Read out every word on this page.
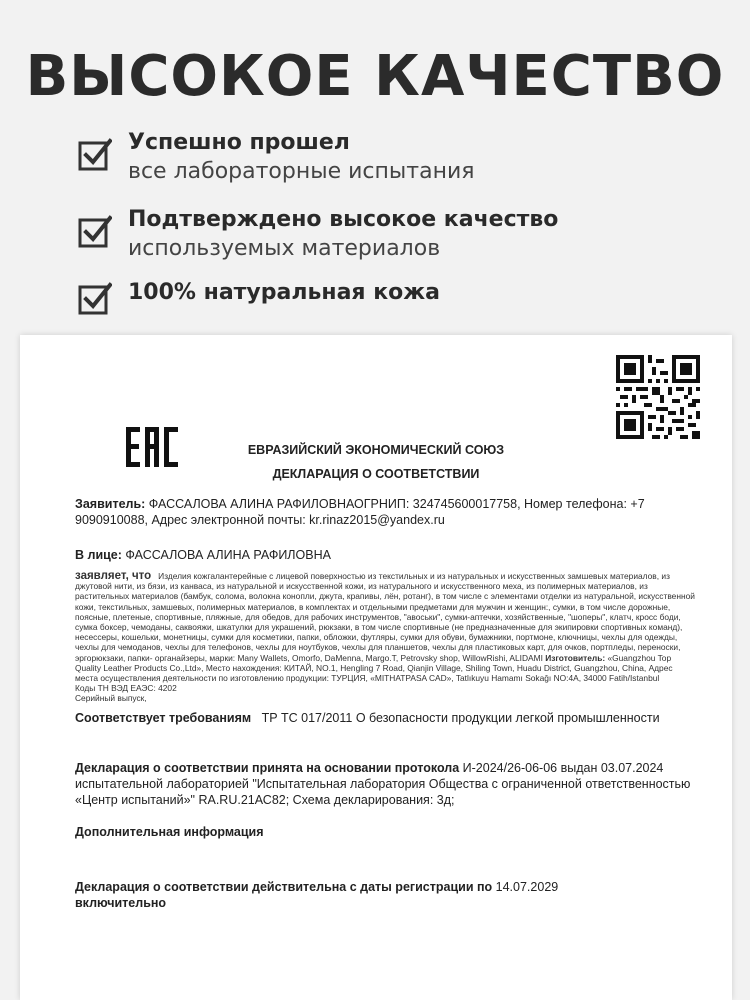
ВЫСОКОЕ КАЧЕСТВО
Успешно прошел
все лабораторные испытания
Подтверждено высокое качество
используемых материалов
100% натуральная кожа
ЕВРАЗИЙСКИЙ ЭКОНОМИЧЕСКИЙ СОЮЗ
ДЕКЛАРАЦИЯ О СООТВЕТСТВИИ
Заявитель: ФАССАЛОВА АЛИНА РАФИЛОВНАОГРНИП: 324745600017758, Номер телефона: +7 9090910088, Адрес электронной почты: kr.rinaz2015@yandex.ru
В лице: ФАССАЛОВА АЛИНА РАФИЛОВНА
заявляет, что Изделия кожгалантерейные с лицевой поверхностью из текстильных и из натуральных и искусственных замшевых материалов, из джутовой нити, из бязи, из канваса, из натуральной и искусственной кожи, из натурального и искусственного меха, из полимерных материалов, из растительных материалов (бамбук, солома, волокна конопли, джута, крапивы, лён, ротанг), в том числе с элементами отделки из натуральной, искусственной кожи, текстильных, замшевых, полимерных материалов, в комплектах и отдельными предметами для мужчин и женщин:, сумки, в том числе дорожные, поясные, плетеные, спортивные, пляжные, для обедов, для рабочих инструментов, "авоськи", сумки-аптечки, хозяйственные, "шоперы", клатч, кросс боди, сумка боксер, чемоданы, саквояжи, шкатулки для украшений, рюкзаки, в том числе спортивные (не предназначенные для экипировки спортивных команд), несессеры, кошельки, монетницы, сумки для косметики, папки, обложки, футляры, сумки для обуви, бумажники, портмоне, ключницы, чехлы для одежды, чехлы для чемоданов, чехлы для телефонов, чехлы для ноутбуков, чехлы для планшетов, чехлы для пластиковых карт, для очков, портпледы, переноски, эргорюкзаки, папки- органайзеры, марки: Many Wallets, Omorfo, DaMenna, Margo.T, Petrovsky shop, WillowRishi, ALIDAMI Изготовитель: «Guangzhou Top Quality Leather Products Co.,Ltd», Место нахождения: КИТАЙ, NO.1, Hengling 7 Road, Qianjin Village, Shiling Town, Huadu District, Guangzhou, China, Адрес места осуществления деятельности по изготовлению продукции: ТУРЦИЯ, «MITHATPASA CAD», Tatlıkuyu Hamamı Sokağı NO:4A, 34000 Fatih/Istanbul
Коды ТН ВЭД ЕАЭС: 4202
Серийный выпуск,
Соответствует требованиям ТР ТС 017/2011 О безопасности продукции легкой промышленности
Декларация о соответствии принята на основании протокола И-2024/26-06-06 выдан 03.07.2024 испытательной лабораторией "Испытательная лаборатория Общества с ограниченной ответственностью «Центр испытаний»" RA.RU.21АС82; Схема декларирования: 3д;
Дополнительная информация
Декларация о соответствии действительна с даты регистрации по 14.07.2029
включительно
